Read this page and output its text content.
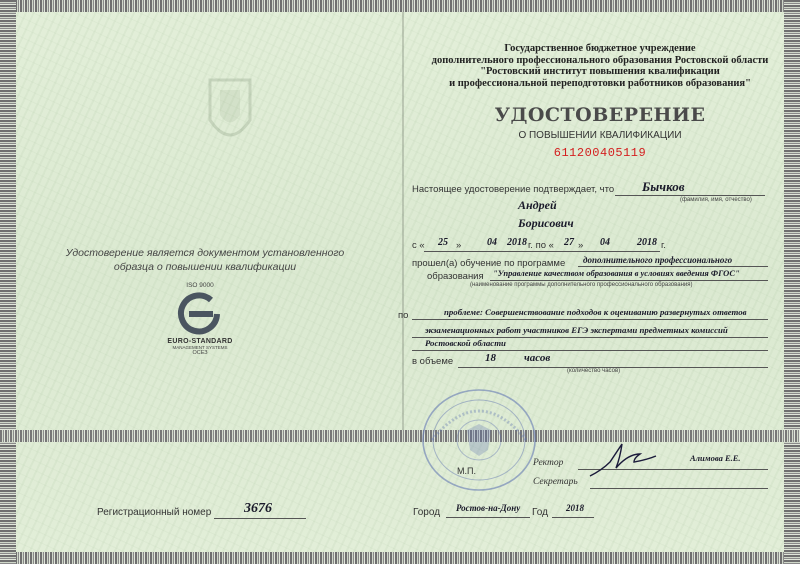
Государственное бюджетное учреждение
дополнительного профессионального образования Ростовской области
"Ростовский институт повышения квалификации
и профессиональной переподготовки работников образования"
УДОСТОВЕРЕНИЕ
О ПОВЫШЕНИИ КВАЛИФИКАЦИИ
611200405119
Настоящее удостоверение подтверждает, что Бычков
(фамилия, имя, отчество)
Андрей
Борисович
с « 25 »	04 2018 г. по « 27 » 04	2018 г.
прошел(а) обучение по программе дополнительного профессионального
образования "Управление качеством образования в условиях введения ФГОС"
(наименование программы дополнительного профессионального образования)
по	проблеме: Совершенствование подходов к оцениванию развернутых ответов
экзаменационных работ участников ЕГЭ экспертами предметных комиссий
Ростовской области
в объеме	18	часов
(количество часов)
М.П.
Ректор	Алимова Е.Е.
Секретарь
Удостоверение является документом установленного
образца о повышении квалификации
ISO 9000
EURO-STANDARD
MANAGEMENT SYSTEMS
ОСЕЗ
Регистрационный номер 3676	Город Ростов-на-Дону Год 2018
